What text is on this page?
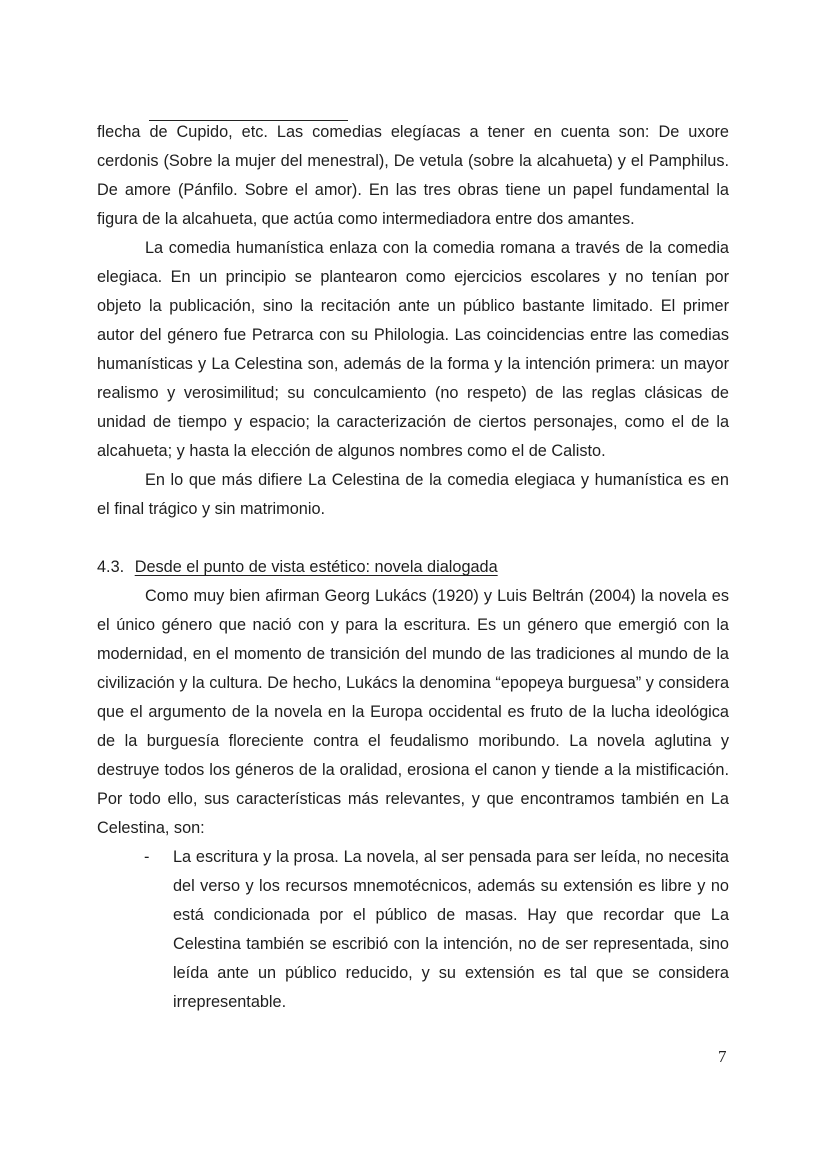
flecha de Cupido, etc. Las comedias elegíacas a tener en cuenta son: De uxore cerdonis (Sobre la mujer del menestral), De vetula (sobre la alcahueta) y el Pamphilus. De amore (Pánfilo. Sobre el amor). En las tres obras tiene un papel fundamental la figura de la alcahueta, que actúa como intermediadora entre dos amantes.

La comedia humanística enlaza con la comedia romana a través de la comedia elegiaca. En un principio se plantearon como ejercicios escolares y no tenían por objeto la publicación, sino la recitación ante un público bastante limitado. El primer autor del género fue Petrarca con su Philologia. Las coincidencias entre las comedias humanísticas y La Celestina son, además de la forma y la intención primera: un mayor realismo y verosimilitud; su conculcamiento (no respeto) de las reglas clásicas de unidad de tiempo y espacio; la caracterización de ciertos personajes, como el de la alcahueta; y hasta la elección de algunos nombres como el de Calisto.

En lo que más difiere La Celestina de la comedia elegiaca y humanística es en el final trágico y sin matrimonio.

4.3. Desde el punto de vista estético: novela dialogada

Como muy bien afirman Georg Lukács (1920) y Luis Beltrán (2004) la novela es el único género que nació con y para la escritura. Es un género que emergió con la modernidad, en el momento de transición del mundo de las tradiciones al mundo de la civilización y la cultura. De hecho, Lukács la denomina “epopeya burguesa” y considera que el argumento de la novela en la Europa occidental es fruto de la lucha ideológica de la burguesía floreciente contra el feudalismo moribundo. La novela aglutina y destruye todos los géneros de la oralidad, erosiona el canon y tiende a la mistificación. Por todo ello, sus características más relevantes, y que encontramos también en La Celestina, son:

- La escritura y la prosa. La novela, al ser pensada para ser leída, no necesita del verso y los recursos mnemotécnicos, además su extensión es libre y no está condicionada por el público de masas. Hay que recordar que La Celestina también se escribió con la intención, no de ser representada, sino leída ante un público reducido, y su extensión es tal que se considera irrepresentable.
7
